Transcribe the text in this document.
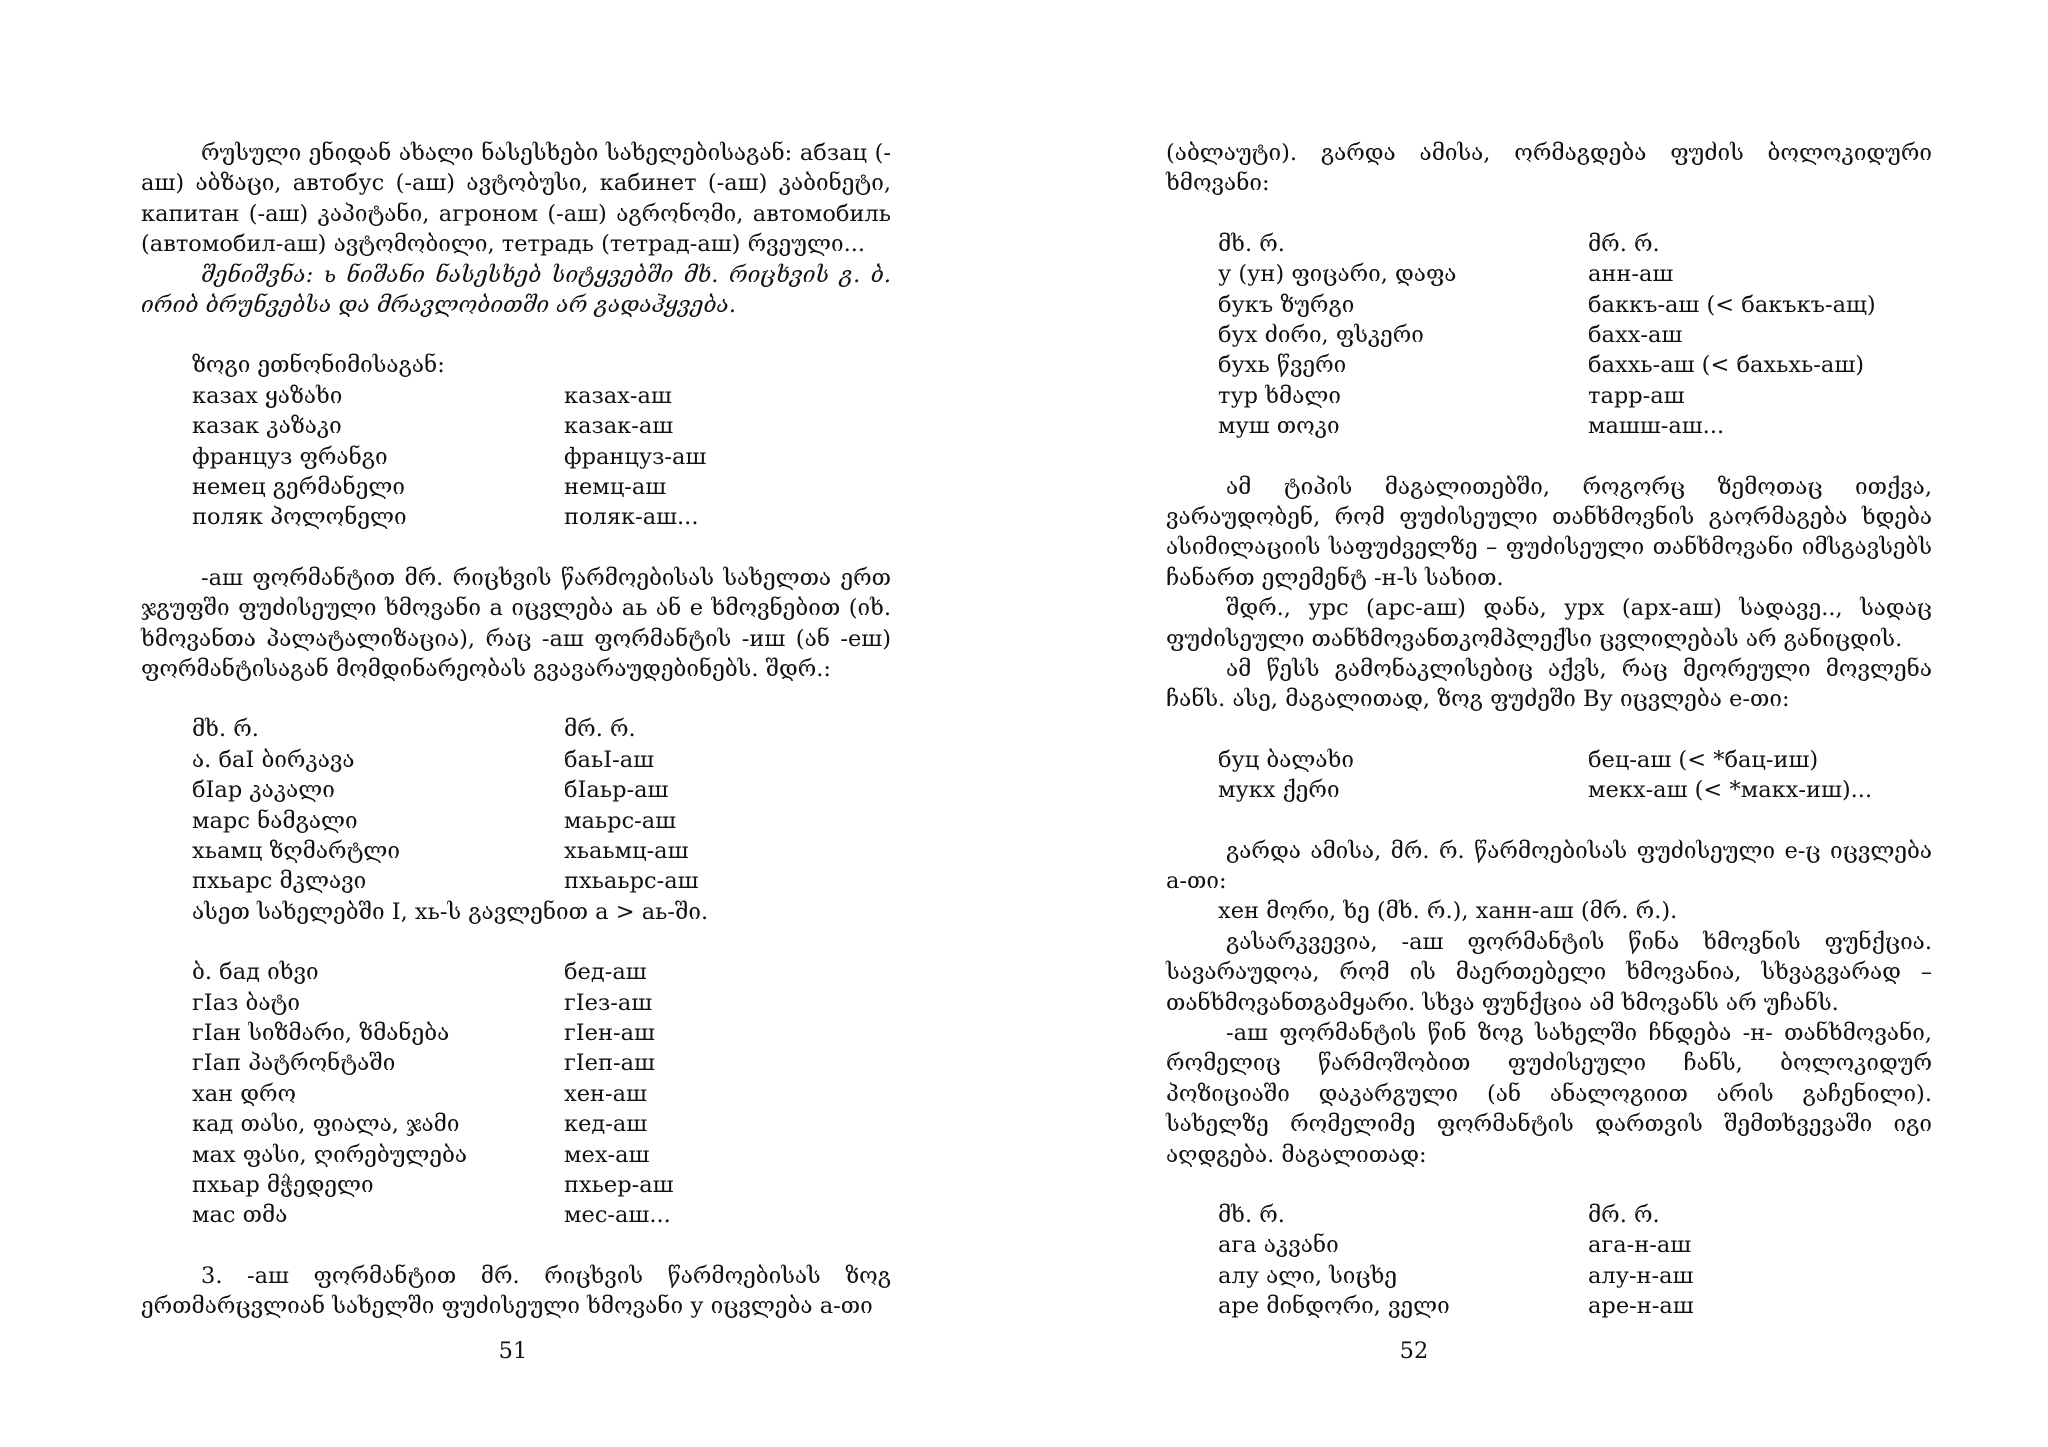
რუსული ენიდან ახალი ნასესხები სახელებისაგან: абзац (-аш) აბზაცი, автобус (-аш) ავტობუსი, кабинет (-аш) კაბინეტი, капитан (-аш) კაპიტანი, агроном (-аш) აგრონომი, автомобиль (автомобил-аш) ავტომობილი, тетрадь (тетрад-аш) რვეული...

შენიშვნა: ь ნიშანი ნასესხებ სიტყვებში მხ. რიცხვის გ. ბ. ირიბ ბრუნვებსა და მრავლობითში არ გადაჰყვება.

ზოგი ეთნონიმისაგან:
казах ყაზახი	казах-аш
казак კაზაკი	казак-аш
француз ფრანგი	француз-аш
немец გერმანელი	немц-аш
поляк პოლონელი	поляк-аш...

-аш ფორმანტით მრ. რიცხვის წარმოებისას სახელთა ერთ ჯგუფში ფუძისეული ხმოვანი а იცვლება аь ან е ხმოვნებით (იხ. ხმოვანთა პალატალიზაცია), რაც -аш ფორმანტის -иш (ან -еш) ფორმანტისაგან მომდინარეობას გვავარაუდებინებს. შდრ.:

მხ. რ.	მრ. რ.
ა. баI ბირკავა	баьI-аш
бIар კაკალი	бIаьр-аш
марс ნამგალი	маьрс-аш
хьамц ზღმარტლი	хьаьмц-аш
пхьарс მკლავი	пхьаьрс-аш
ასეთ სახელებში I, хь-ს გავლენით а > аь-ში.
ბ. бад იხვი	бед-аш
гIаз ბატი	гIез-аш
гIан სიზმარი, ზმანება	гIен-аш
гIап პატრონტაში	гIеп-аш
хан დრო	хен-аш
кад თასი, ფიალა, ჯამი	кед-аш
мах ფასი, ღირებულება	мех-аш
пхьар მჭედელი	пхьер-аш
мас თმა	мес-аш...

3. -аш ფორმანტით მრ. რიცხვის წარმოებისას ზოგ ერთმარცვლიან სახელში ფუძისეული ხმოვანი у იცვლება а-თი

51

(აბლაუტი). გარდა ამისა, ორმაგდება ფუძის ბოლოკიდური ხმოვანი:

მხ. რ.	მრ. რ.
у (ун) ფიცარი, დაფა	анн-аш
букъ ზურგი	баккъ-аш (< бакъкъ-ащ)
бух ძირი, ფსკერი	бахх-аш
бухь წვერი	баххь-аш (< бахьхь-аш)
тур ხმალი	тарр-аш
муш თოკი	машш-аш...

ამ ტიპის მაგალითებში, როგორც ზემოთაც ითქვა, ვარაუდობენ, რომ ფუძისეული თანხმოვნის გაორმაგება ხდება ასიმილაციის საფუძველზე – ფუძისეული თანხმოვანი იმსგავსებს ჩანართ ელემენტ -н-ს სახით.

შდრ., урс (арс-аш) დანა, урх (арх-аш) სადავე.., სადაც ფუძისეული თანხმოვანთკომპლექსი ცვლილებას არ განიცდის.

ამ წესს გამონაკლისებიც აქვს, რაც მეორეული მოვლენა ჩანს. ასე, მაგალითად, ზოგ ფუძეში Ву იცვლება е-თი:

буц ბალახი	бец-аш (< *бац-иш)
мукх ქერი	мекх-аш (< *макх-иш)...

გარდა ამისა, მრ. რ. წარმოებისას ფუძისეული е-ც იცვლება а-თი:

хен მორი, ხე (მხ. რ.), ханн-аш (მრ. რ.).

გასარკვევია, -аш ფორმანტის წინა ხმოვნის ფუნქცია. სავარაუდოა, რომ ის მაერთებელი ხმოვანია, სხვაგვარად – თანხმოვანთგამყარი. სხვა ფუნქცია ამ ხმოვანს არ უჩანს.

-аш ფორმანტის წინ ზოგ სახელში ჩნდება -н- თანხმოვანი, რომელიც წარმოშობით ფუძისეული ჩანს, ბოლოკიდურ პოზიციაში დაკარგული (ან ანალოგიით არის გაჩენილი). სახელზე რომელიმე ფორმანტის დართვის შემთხვევაში იგი აღდგება. მაგალითად:

მხ. რ.	მრ. რ.
ага აკვანი	ага-н-аш
алу ალი, სიცხე	алу-н-аш
аре მინდორი, ველი	аре-н-аш
52
